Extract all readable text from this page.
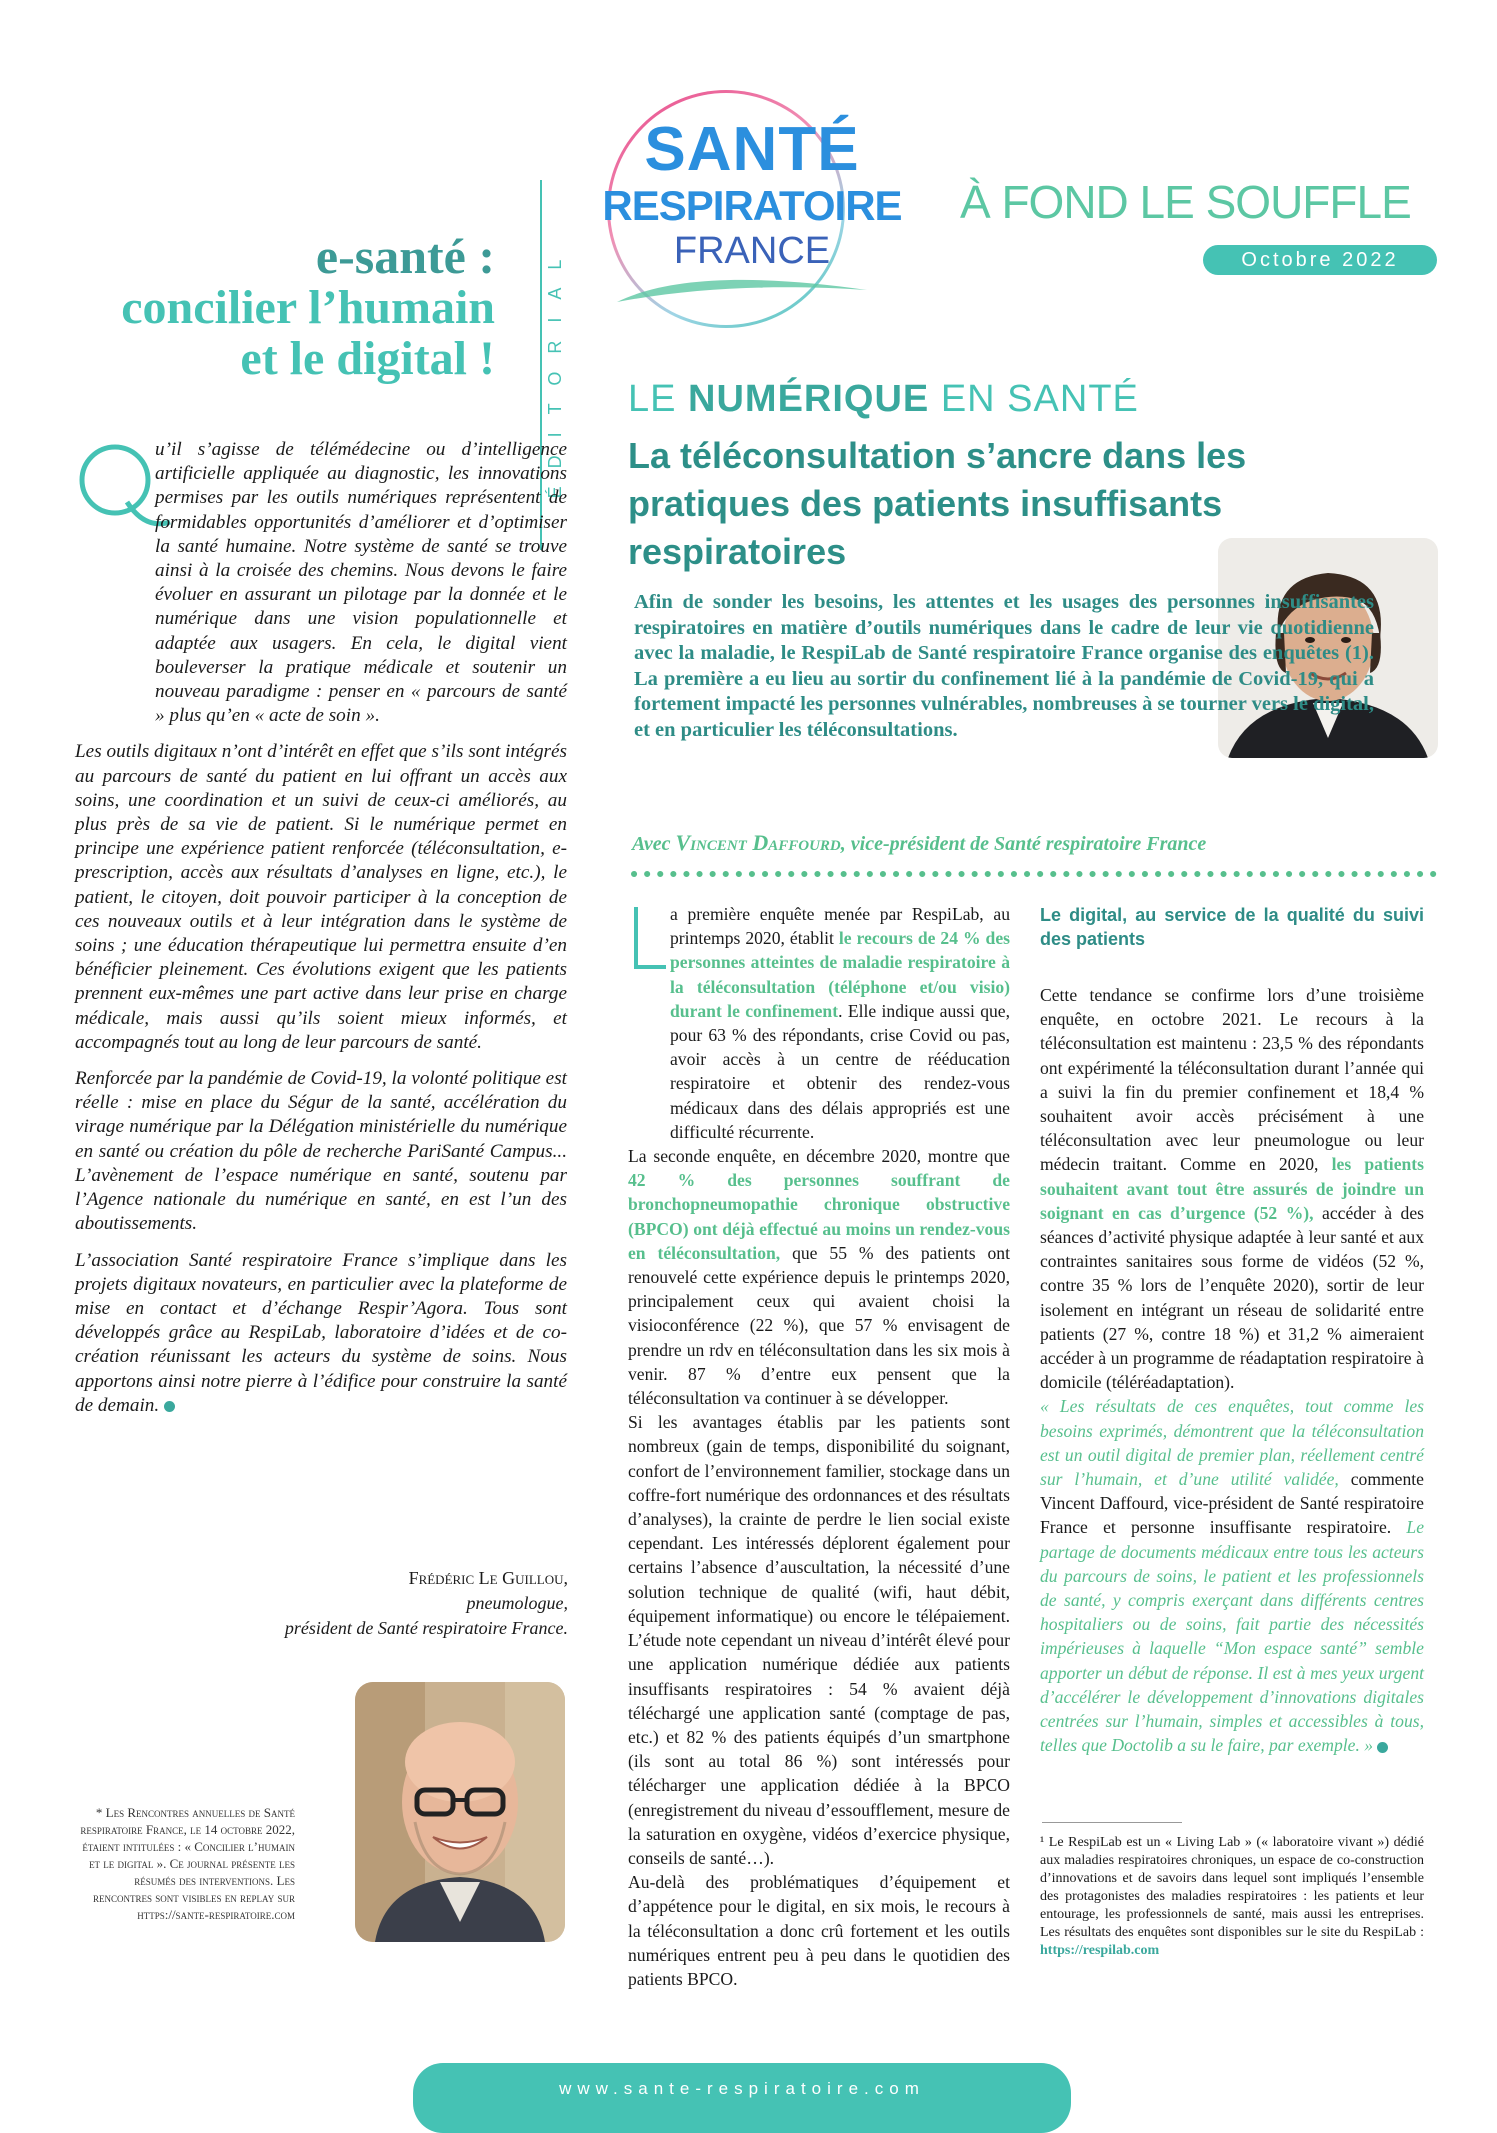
SANTÉ
RESPIRATOIRE
FRANCE
À FOND LE SOUFFLE
Octobre 2022
e-santé :
concilier l’humain
et le digital !	ÉDITORIAL

u’il s’agisse de télémédecine ou d’intelligence artificielle appliquée au diagnostic, les innovations permises par les outils numériques représentent de formidables opportunités d’améliorer et d’optimiser la santé humaine. Notre système de santé se trouve ainsi à la croisée des chemins. Nous devons le faire évoluer en assurant un pilotage par la donnée et le numérique dans une vision populationnelle et adaptée aux usagers. En cela, le digital vient bouleverser la pratique médicale et soutenir un nouveau paradigme : penser en « parcours de santé » plus qu’en « acte de soin ».

Les outils digitaux n’ont d’intérêt en effet que s’ils sont intégrés au parcours de santé du patient en lui offrant un accès aux soins, une coordination et un suivi de ceux-ci améliorés, au plus près de sa vie de patient. Si le numérique permet en principe une expérience patient renforcée (téléconsultation, e-prescription, accès aux résultats d’analyses en ligne, etc.), le patient, le citoyen, doit pouvoir participer à la conception de ces nouveaux outils et à leur intégration dans le système de soins ; une éducation thérapeutique lui permettra ensuite d’en bénéficier pleinement. Ces évolutions exigent que les patients prennent eux-mêmes une part active dans leur prise en charge médicale, mais aussi qu’ils soient mieux informés, et accompagnés tout au long de leur parcours de santé.

Renforcée par la pandémie de Covid-19, la volonté politique est réelle : mise en place du Ségur de la santé, accélération du virage numérique par la Délégation ministérielle du numérique en santé ou création du pôle de recherche PariSanté Campus... L’avènement de l’espace numérique en santé, soutenu par l’Agence nationale du numérique en santé, en est l’un des aboutissements.

L’association Santé respiratoire France s’implique dans les projets digitaux novateurs, en particulier avec la plateforme de mise en contact et d’échange Respir’Agora. Tous sont développés grâce au RespiLab, laboratoire d’idées et de co-création réunissant les acteurs du système de soins. Nous apportons ainsi notre pierre à l’édifice pour construire la santé de demain.

Frédéric Le Guillou,
pneumologue,
président de Santé respiratoire France.
* Les Rencontres annuelles de Santé respiratoire France, le 14 octobre 2022, étaient intitulées : « Concilier l’humain et le digital ». Ce journal présente les résumés des interventions. Les rencontres sont visibles en replay sur https://sante-respiratoire.com
LE NUMÉRIQUE EN SANTÉ
La téléconsultation s’ancre dans les pratiques des patients insuffisants respiratoires
Afin de sonder les besoins, les attentes et les usages des personnes insuffisantes respiratoires en matière d’outils numériques dans le cadre de leur vie quotidienne avec la maladie, le RespiLab de Santé respiratoire France organise des enquêtes (1). La première a eu lieu au sortir du confinement lié à la pandémie de Covid-19, qui a fortement impacté les personnes vulnérables, nombreuses à se tourner vers le digital, et en particulier les téléconsultations.
Avec Vincent Daffourd, vice-président de Santé respiratoire France

a première enquête menée par RespiLab, au printemps 2020, établit le recours de 24 % des personnes atteintes de maladie respiratoire à la téléconsultation (téléphone et/ou visio) durant le confinement. Elle indique aussi que, pour 63 % des répondants, crise Covid ou pas, avoir accès à un centre de rééducation respiratoire et obtenir des rendez-vous médicaux dans des délais appropriés est une difficulté récurrente.

La seconde enquête, en décembre 2020, montre que 42 % des personnes souffrant de bronchopneumopathie chronique obstructive (BPCO) ont déjà effectué au moins un rendez-vous en téléconsultation, que 55 % des patients ont renouvelé cette expérience depuis le printemps 2020, principalement ceux qui avaient choisi la visioconférence (22 %), que 57 % envisagent de prendre un rdv en téléconsultation dans les six mois à venir. 87 % d’entre eux pensent que la téléconsultation va continuer à se développer.

Si les avantages établis par les patients sont nombreux (gain de temps, disponibilité du soignant, confort de l’environnement familier, stockage dans un coffre-fort numérique des ordonnances et des résultats d’analyses), la crainte de perdre le lien social existe cependant. Les intéressés déplorent également pour certains l’absence d’auscultation, la nécessité d’une solution technique de qualité (wifi, haut débit, équipement informatique) ou encore le télépaiement. L’étude note cependant un niveau d’intérêt élevé pour une application numérique dédiée aux patients insuffisants respiratoires : 54 % avaient déjà téléchargé une application santé (comptage de pas, etc.) et 82 % des patients équipés d’un smartphone (ils sont au total 86 %) sont intéressés pour télécharger une application dédiée à la BPCO (enregistrement du niveau d’essoufflement, mesure de la saturation en oxygène, vidéos d’exercice physique, conseils de santé…).

Au-delà des problématiques d’équipement et d’appétence pour le digital, en six mois, le recours à la téléconsultation a donc crû fortement et les outils numériques entrent peu à peu dans le quotidien des patients BPCO.

Le digital, au service de la qualité du suivi des patients

Cette tendance se confirme lors d’une troisième enquête, en octobre 2021. Le recours à la téléconsultation est maintenu : 23,5 % des répondants ont expérimenté la téléconsultation durant l’année qui a suivi la fin du premier confinement et 18,4 % souhaitent avoir accès précisément à une téléconsultation avec leur pneumologue ou leur médecin traitant. Comme en 2020, les patients souhaitent avant tout être assurés de joindre un soignant en cas d’urgence (52 %), accéder à des séances d’activité physique adaptée à leur santé et aux contraintes sanitaires sous forme de vidéos (52 %, contre 35 % lors de l’enquête 2020), sortir de leur isolement en intégrant un réseau de solidarité entre patients (27 %, contre 18 %) et 31,2 % aimeraient accéder à un programme de réadaptation respiratoire à domicile (téléréadaptation).

« Les résultats de ces enquêtes, tout comme les besoins exprimés, démontrent que la téléconsultation est un outil digital de premier plan, réellement centré sur l’humain, et d’une utilité validée, commente Vincent Daffourd, vice-président de Santé respiratoire France et personne insuffisante respiratoire. Le partage de documents médicaux entre tous les acteurs du parcours de soins, le patient et les professionnels de santé, y compris exerçant dans différents centres hospitaliers ou de soins, fait partie des nécessités impérieuses à laquelle “Mon espace santé” semble apporter un début de réponse. Il est à mes yeux urgent d’accélérer le développement d’innovations digitales centrées sur l’humain, simples et accessibles à tous, telles que Doctolib a su le faire, par exemple. »

¹ Le RespiLab est un « Living Lab » (« laboratoire vivant ») dédié aux maladies respiratoires chroniques, un espace de co-construction d’innovations et de savoirs dans lequel sont impliqués l’ensemble des protagonistes des maladies respiratoires : les patients et leur entourage, les professionnels de santé, mais aussi les entreprises. Les résultats des enquêtes sont disponibles sur le site du RespiLab : https://respilab.com
www.sante-respiratoire.com
